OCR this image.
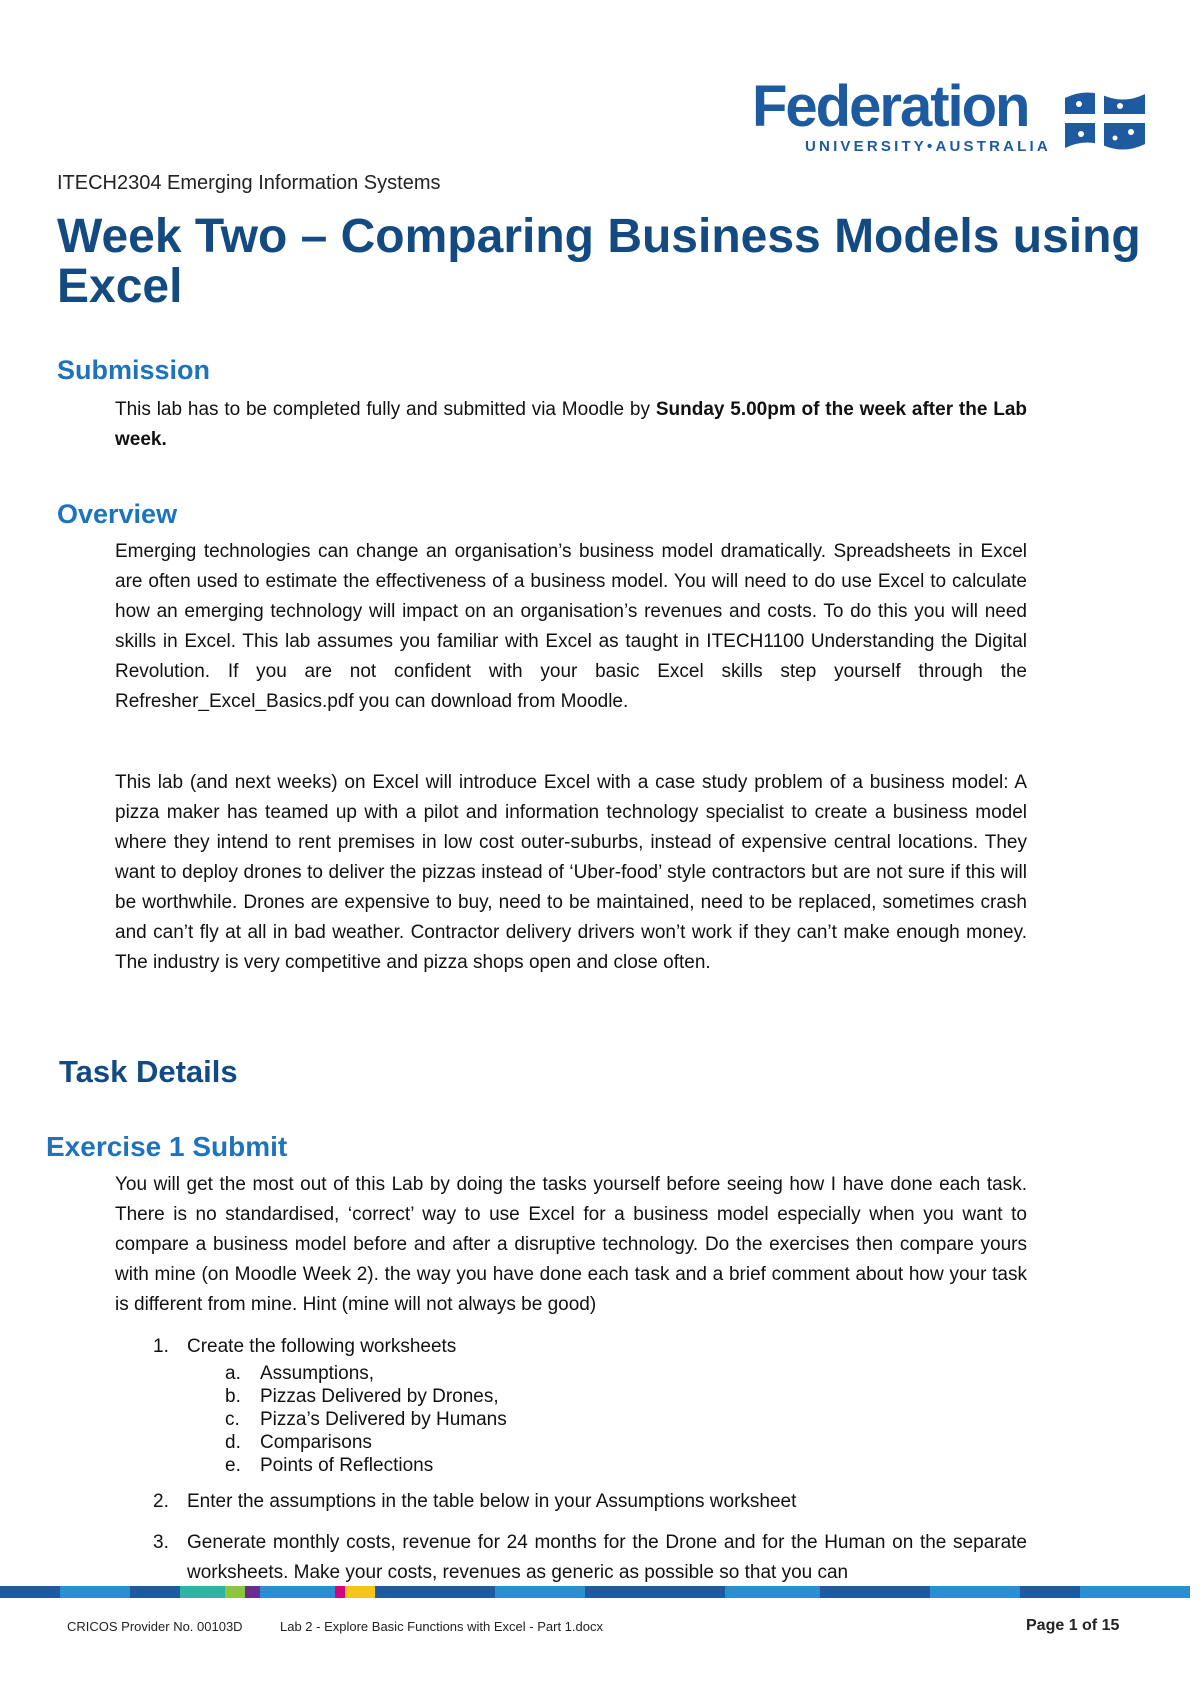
Federation
UNIVERSITY•AUSTRALIA
ITECH2304 Emerging Information Systems
Week Two – Comparing Business Models using Excel
Submission
This lab has to be completed fully and submitted via Moodle by Sunday 5.00pm of the week after the Lab week.
Overview
Emerging technologies can change an organisation’s business model dramatically. Spreadsheets in Excel are often used to estimate the effectiveness of a business model. You will need to do use Excel to calculate how an emerging technology will impact on an organisation’s revenues and costs. To do this you will need skills in Excel. This lab assumes you familiar with Excel as taught in ITECH1100 Understanding the Digital Revolution. If you are not confident with your basic Excel skills step yourself through the Refresher_Excel_Basics.pdf you can download from Moodle.
This lab (and next weeks) on Excel will introduce Excel with a case study problem of a business model: A pizza maker has teamed up with a pilot and information technology specialist to create a business model where they intend to rent premises in low cost outer-suburbs, instead of expensive central locations. They want to deploy drones to deliver the pizzas instead of ‘Uber-food’ style contractors but are not sure if this will be worthwhile. Drones are expensive to buy, need to be maintained, need to be replaced, sometimes crash and can’t fly at all in bad weather. Contractor delivery drivers won’t work if they can’t make enough money. The industry is very competitive and pizza shops open and close often.
Task Details
Exercise 1 Submit
You will get the most out of this Lab by doing the tasks yourself before seeing how I have done each task. There is no standardised, ‘correct’ way to use Excel for a business model especially when you want to compare a business model before and after a disruptive technology. Do the exercises then compare yours with mine (on Moodle Week 2). the way you have done each task and a brief comment about how your task is different from mine. Hint (mine will not always be good)
1. Create the following worksheets
a. Assumptions,
b. Pizzas Delivered by Drones,
c. Pizza’s Delivered by Humans
d. Comparisons
e. Points of Reflections
2. Enter the assumptions in the table below in your Assumptions worksheet
3. Generate monthly costs, revenue for 24 months for the Drone and for the Human on the separate worksheets. Make your costs, revenues as generic as possible so that you can
CRICOS Provider No. 00103D	Lab 2 - Explore Basic Functions with Excel - Part 1.docx	Page 1 of 15
